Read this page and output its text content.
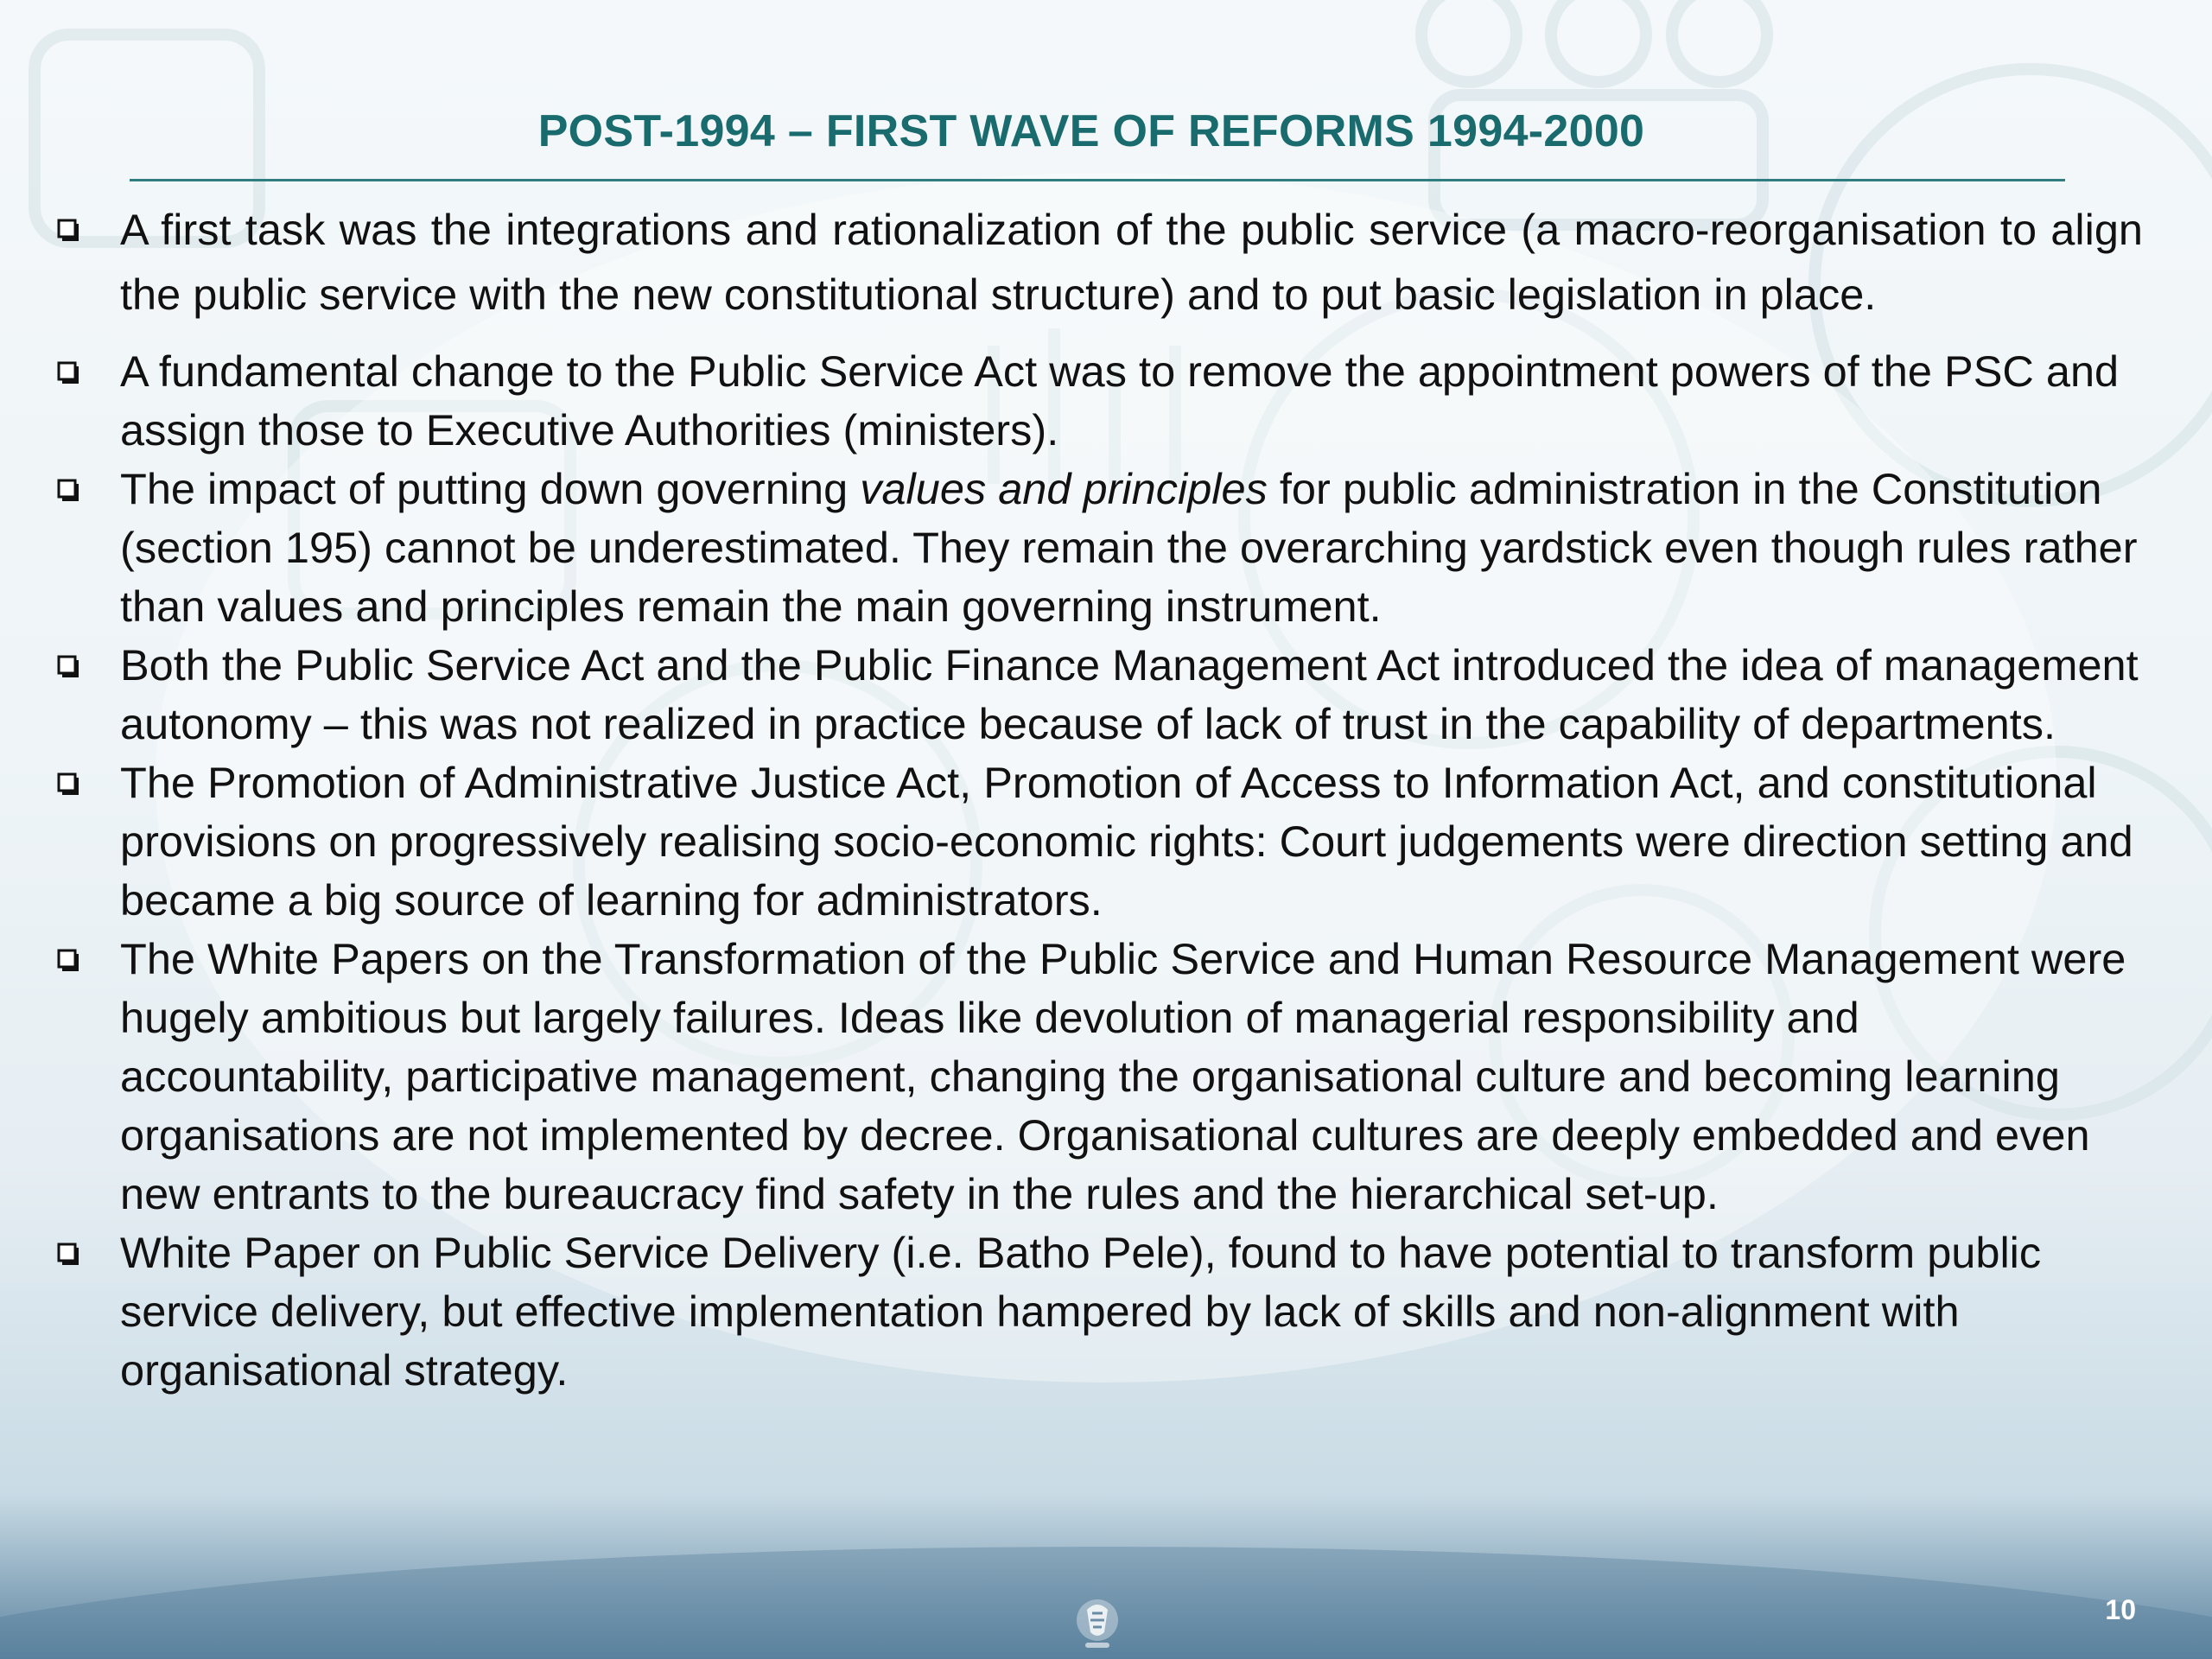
POST-1994 – FIRST WAVE OF REFORMS 1994-2000
A first task was the integrations and rationalization of the public service (a macro-reorganisation to align the public service with the new constitutional structure) and to put basic legislation in place.
A fundamental change to the Public Service Act was to remove the appointment powers of the PSC and assign those to Executive Authorities (ministers).
The impact of putting down governing values and principles for public administration in the Constitution (section 195) cannot be underestimated. They remain the overarching yardstick even though rules rather than values and principles remain the main governing instrument.
Both the Public Service Act and the Public Finance Management Act introduced the idea of management autonomy – this was not realized in practice because of lack of trust in the capability of departments.
The Promotion of Administrative Justice Act, Promotion of Access to Information Act, and constitutional provisions on progressively realising socio-economic rights: Court judgements were direction setting and became a big source of learning for administrators.
The White Papers on the Transformation of the Public Service and Human Resource Management were hugely ambitious but largely failures. Ideas like devolution of managerial responsibility and accountability, participative management, changing the organisational culture and becoming learning organisations are not implemented by decree. Organisational cultures are deeply embedded and even new entrants to the bureaucracy find safety in the rules and the hierarchical set-up.
White Paper on Public Service Delivery (i.e. Batho Pele), found to have potential to transform public service delivery, but effective implementation hampered by lack of skills and non-alignment with organisational strategy.
10
